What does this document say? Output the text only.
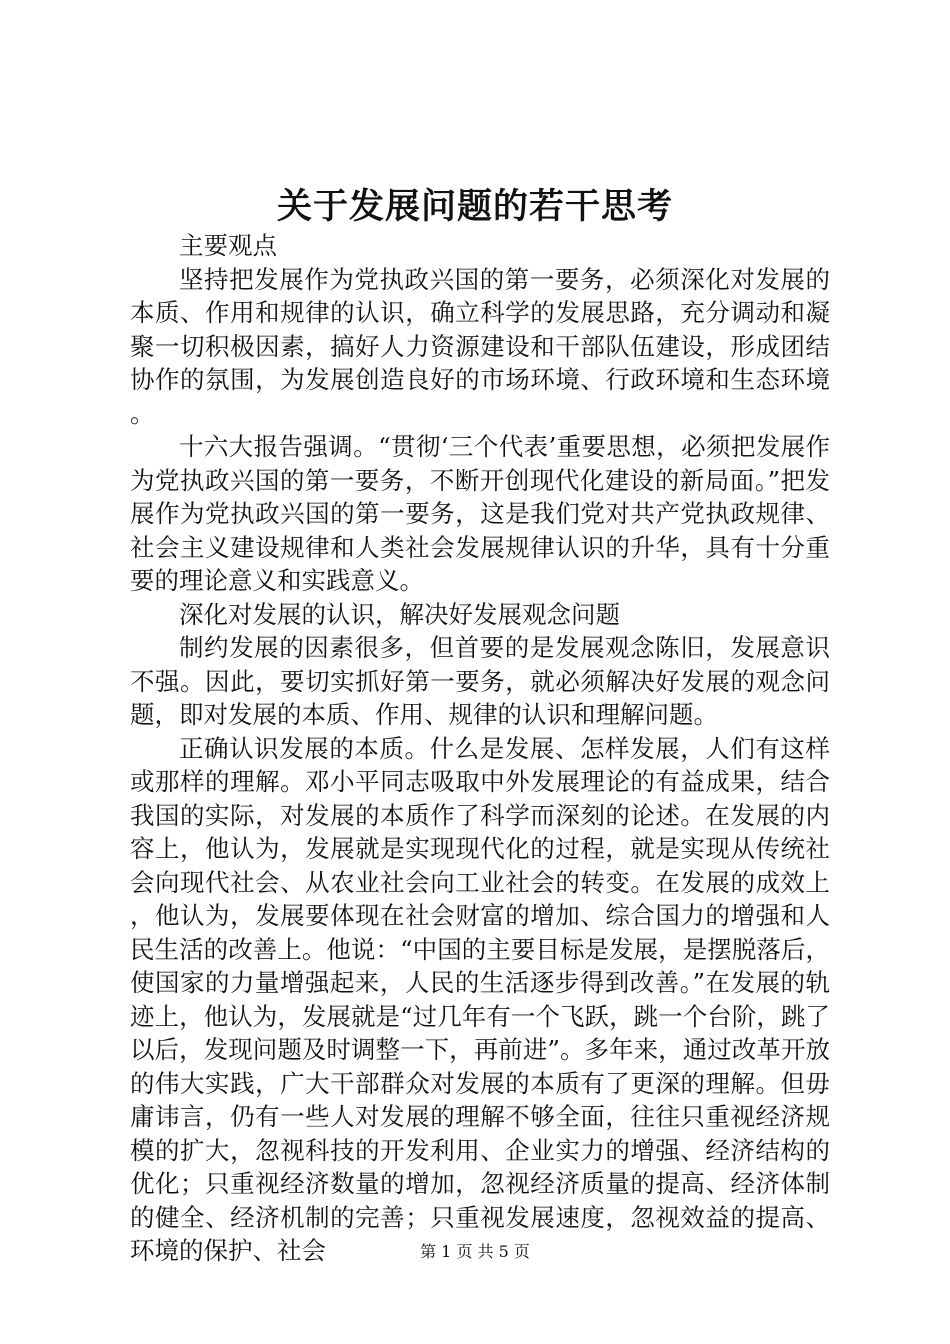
关于发展问题的若干思考

主要观点

坚持把发展作为党执政兴国的第一要务，必须深化对发展的本质、作用和规律的认识，确立科学的发展思路，充分调动和凝聚一切积极因素，搞好人力资源建设和干部队伍建设，形成团结协作的氛围，为发展创造良好的市场环境、行政环境和生态环境。

十六大报告强调。“贯彻‘三个代表’重要思想，必须把发展作为党执政兴国的第一要务，不断开创现代化建设的新局面。”把发展作为党执政兴国的第一要务，这是我们党对共产党执政规律、社会主义建设规律和人类社会发展规律认识的升华，具有十分重要的理论意义和实践意义。

深化对发展的认识，解决好发展观念问题

制约发展的因素很多，但首要的是发展观念陈旧，发展意识不强。因此，要切实抓好第一要务，就必须解决好发展的观念问题，即对发展的本质、作用、规律的认识和理解问题。

正确认识发展的本质。什么是发展、怎样发展，人们有这样或那样的理解。邓小平同志吸取中外发展理论的有益成果，结合我国的实际，对发展的本质作了科学而深刻的论述。在发展的内容上，他认为，发展就是实现现代化的过程，就是实现从传统社会向现代社会、从农业社会向工业社会的转变。在发展的成效上，他认为，发展要体现在社会财富的增加、综合国力的增强和人民生活的改善上。他说：“中国的主要目标是发展，是摆脱落后，使国家的力量增强起来，人民的生活逐步得到改善。”在发展的轨迹上，他认为，发展就是“过几年有一个飞跃，跳一个台阶，跳了以后，发现问题及时调整一下，再前进”。多年来，通过改革开放的伟大实践，广大干部群众对发展的本质有了更深的理解。但毋庸讳言，仍有一些人对发展的理解不够全面，往往只重视经济规模的扩大，忽视科技的开发利用、企业实力的增强、经济结构的优化；只重视经济数量的增加，忽视经济质量的提高、经济体制的健全、经济机制的完善；只重视发展速度，忽视效益的提高、环境的保护、社会	第 1 页 共 5 页
